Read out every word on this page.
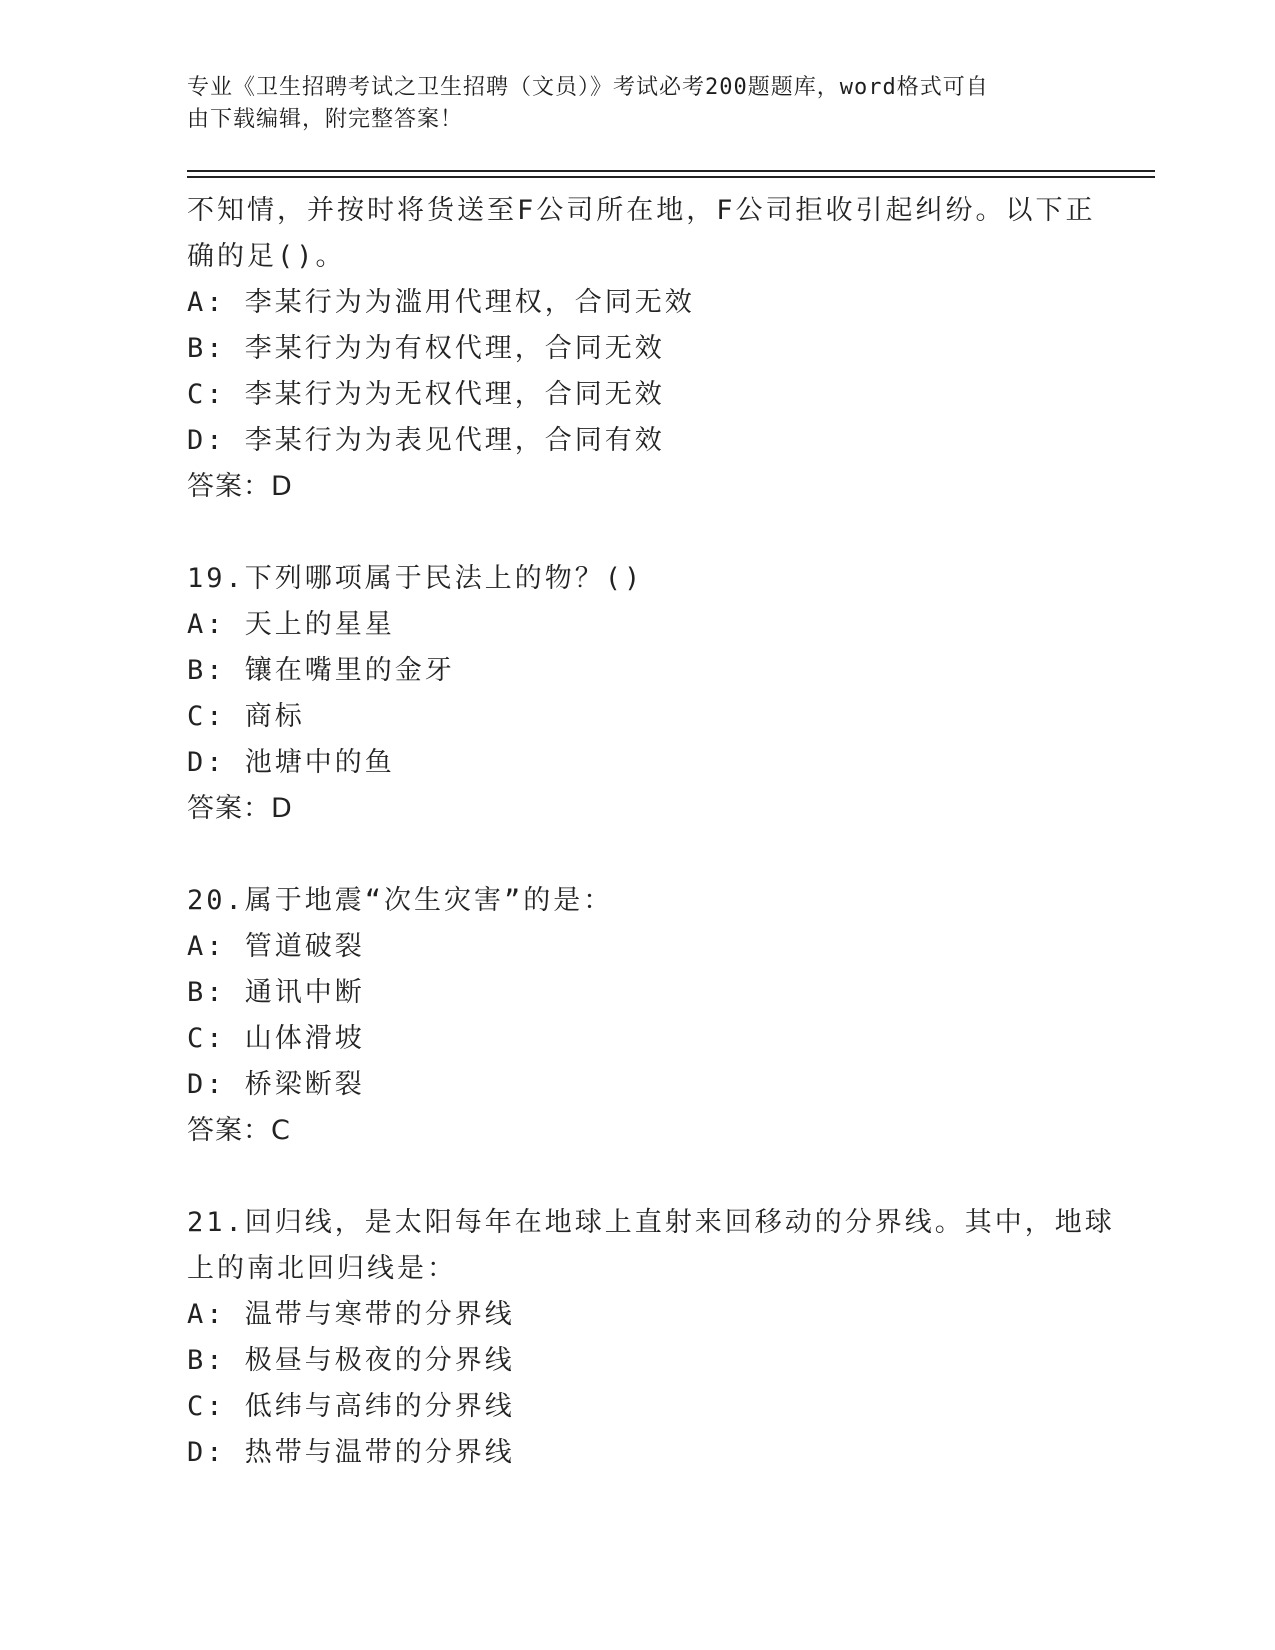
专业《卫生招聘考试之卫生招聘（文员）》考试必考200题题库，word格式可自
由下载编辑，附完整答案！
不知情，并按时将货送至F公司所在地，F公司拒收引起纠纷。以下正
确的足()。
A: 李某行为为滥用代理权，合同无效
B: 李某行为为有权代理，合同无效
C: 李某行为为无权代理，合同无效
D: 李某行为为表见代理，合同有效
答案：D
19.下列哪项属于民法上的物？()
A: 天上的星星
B: 镶在嘴里的金牙
C: 商标
D: 池塘中的鱼
答案：D
20.属于地震“次生灾害”的是：
A: 管道破裂
B: 通讯中断
C: 山体滑坡
D: 桥梁断裂
答案：C
21.回归线，是太阳每年在地球上直射来回移动的分界线。其中，地球
上的南北回归线是：
A: 温带与寒带的分界线
B: 极昼与极夜的分界线
C: 低纬与高纬的分界线
D: 热带与温带的分界线
